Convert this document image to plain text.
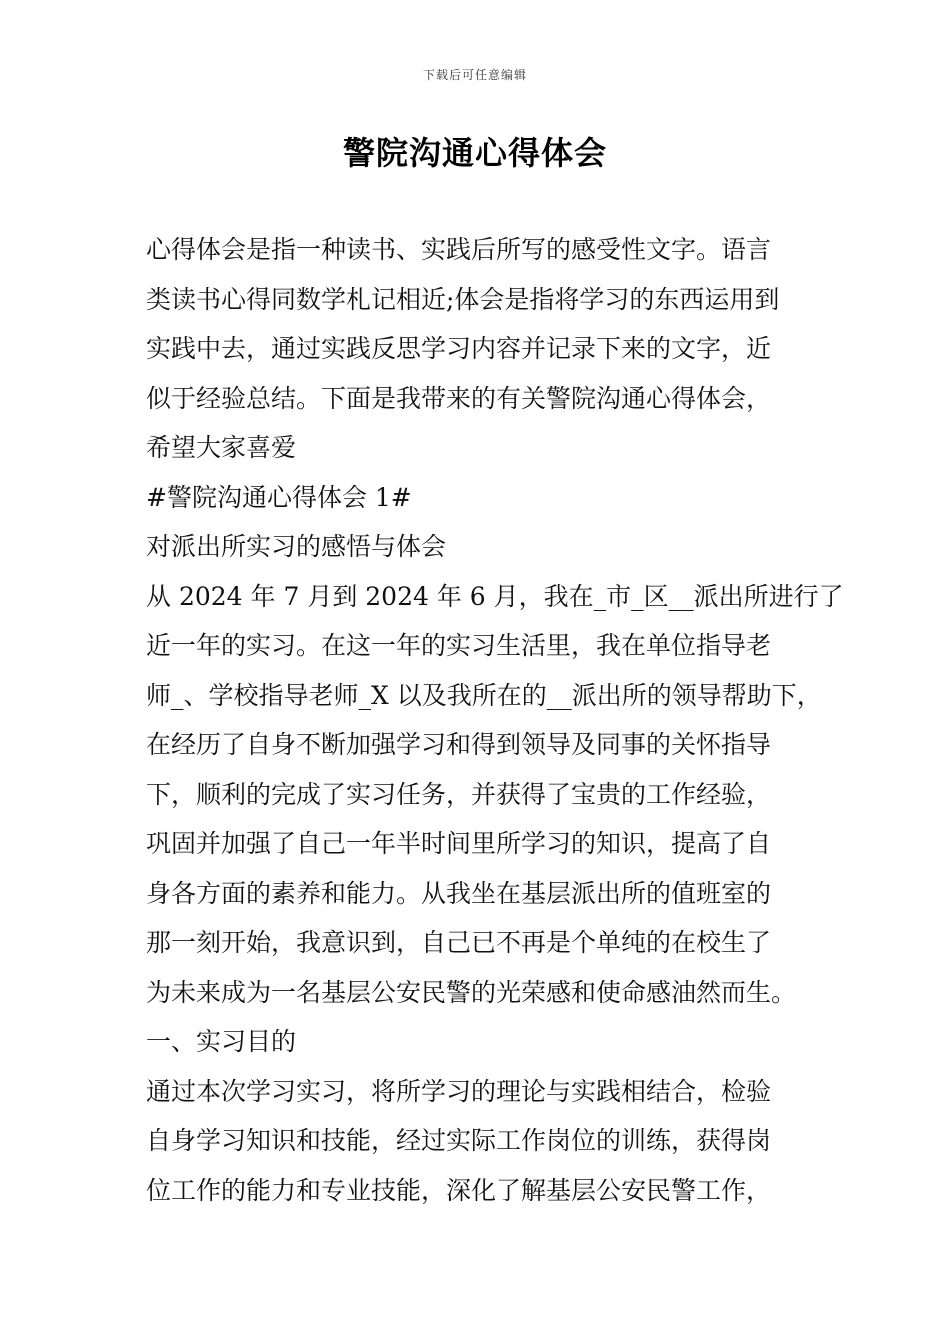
下载后可任意编辑
警院沟通心得体会
心得体会是指一种读书、实践后所写的感受性文字。语言
类读书心得同数学札记相近;体会是指将学习的东西运用到
实践中去，通过实践反思学习内容并记录下来的文字，近
似于经验总结。下面是我带来的有关警院沟通心得体会，
希望大家喜爱
#警院沟通心得体会 1#
对派出所实习的感悟与体会
从 2024 年 7 月到 2024 年 6 月，我在_市_区__派出所进行了
近一年的实习。在这一年的实习生活里，我在单位指导老
师_、学校指导老师_X 以及我所在的__派出所的领导帮助下，
在经历了自身不断加强学习和得到领导及同事的关怀指导
下，顺利的完成了实习任务，并获得了宝贵的工作经验，
巩固并加强了自己一年半时间里所学习的知识，提高了自
身各方面的素养和能力。从我坐在基层派出所的值班室的
那一刻开始，我意识到，自己已不再是个单纯的在校生了
为未来成为一名基层公安民警的光荣感和使命感油然而生。
一、实习目的
通过本次学习实习，将所学习的理论与实践相结合，检验
自身学习知识和技能，经过实际工作岗位的训练，获得岗
位工作的能力和专业技能，深化了解基层公安民警工作，
